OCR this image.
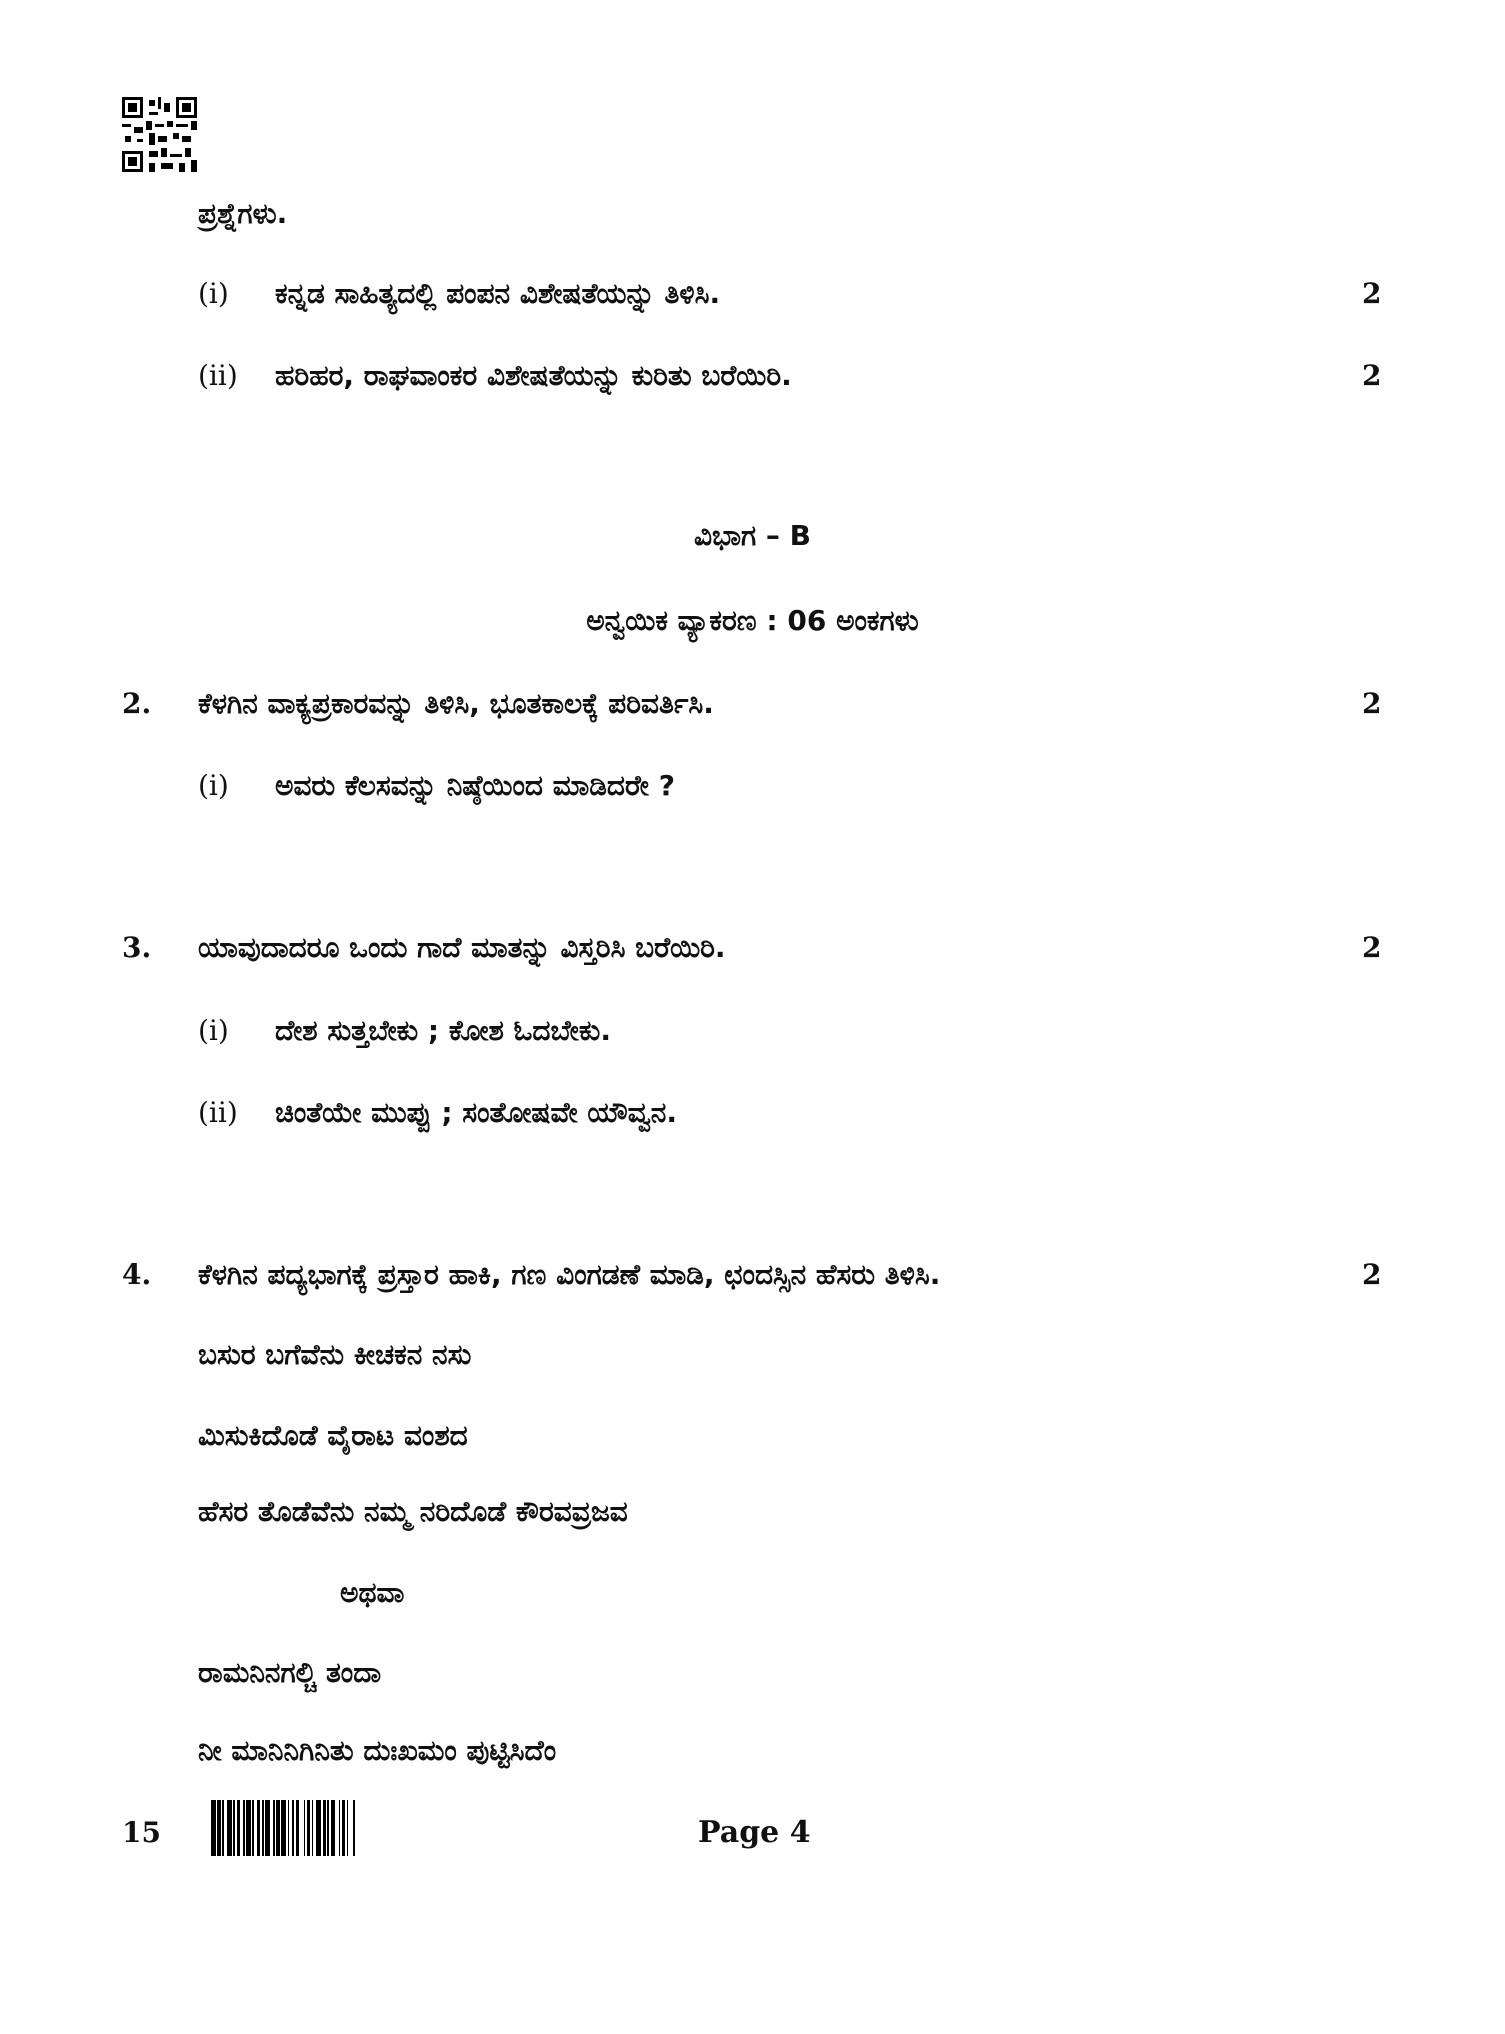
ಪ್ರಶ್ನೆಗಳು.
(i) ಕನ್ನಡ ಸಾಹಿತ್ಯದಲ್ಲಿ ಪಂಪನ ವಿಶೇಷತೆಯನ್ನು ತಿಳಿಸಿ.	2
(ii) ಹರಿಹರ, ರಾಘವಾಂಕರ ವಿಶೇಷತೆಯನ್ನು ಕುರಿತು ಬರೆಯಿರಿ.	2
ವಿಭಾಗ – B
ಅನ್ವಯಿಕ ವ್ಯಾಕರಣ : 06 ಅಂಕಗಳು
2. ಕೆಳಗಿನ ವಾಕ್ಯಪ್ರಕಾರವನ್ನು ತಿಳಿಸಿ, ಭೂತಕಾಲಕ್ಕೆ ಪರಿವರ್ತಿಸಿ.	2
(i) ಅವರು ಕೆಲಸವನ್ನು ನಿಷ್ಠೆಯಿಂದ ಮಾಡಿದರೇ ?
3. ಯಾವುದಾದರೂ ಒಂದು ಗಾದೆ ಮಾತನ್ನು ವಿಸ್ತರಿಸಿ ಬರೆಯಿರಿ.	2
(i) ದೇಶ ಸುತ್ತಬೇಕು ; ಕೋಶ ಓದಬೇಕು.
(ii) ಚಿಂತೆಯೇ ಮುಪ್ಪು ; ಸಂತೋಷವೇ ಯೌವ್ವನ.
4. ಕೆಳಗಿನ ಪದ್ಯಭಾಗಕ್ಕೆ ಪ್ರಸ್ತಾರ ಹಾಕಿ, ಗಣ ವಿಂಗಡಣೆ ಮಾಡಿ, ಛಂದಸ್ಸಿನ ಹೆಸರು ತಿಳಿಸಿ.	2
ಬಸುರ ಬಗೆವೆನು ಕೀಚಕನ ನಸು
ಮಿಸುಕಿದೊಡೆ ವೈರಾಟ ವಂಶದ
ಹೆಸರ ತೊಡೆವೆನು ನಮ್ಮ ನರಿದೊಡೆ ಕೌರವವ್ರಜವ
ಅಥವಾ
ರಾಮನಿನಗಲ್ಚಿ ತಂದಾ
ನೀ ಮಾನಿನಿಗಿನಿತು ದುಃಖಮಂ ಪುಟ್ಟಿಸಿದೆಂ
15	Page 4
